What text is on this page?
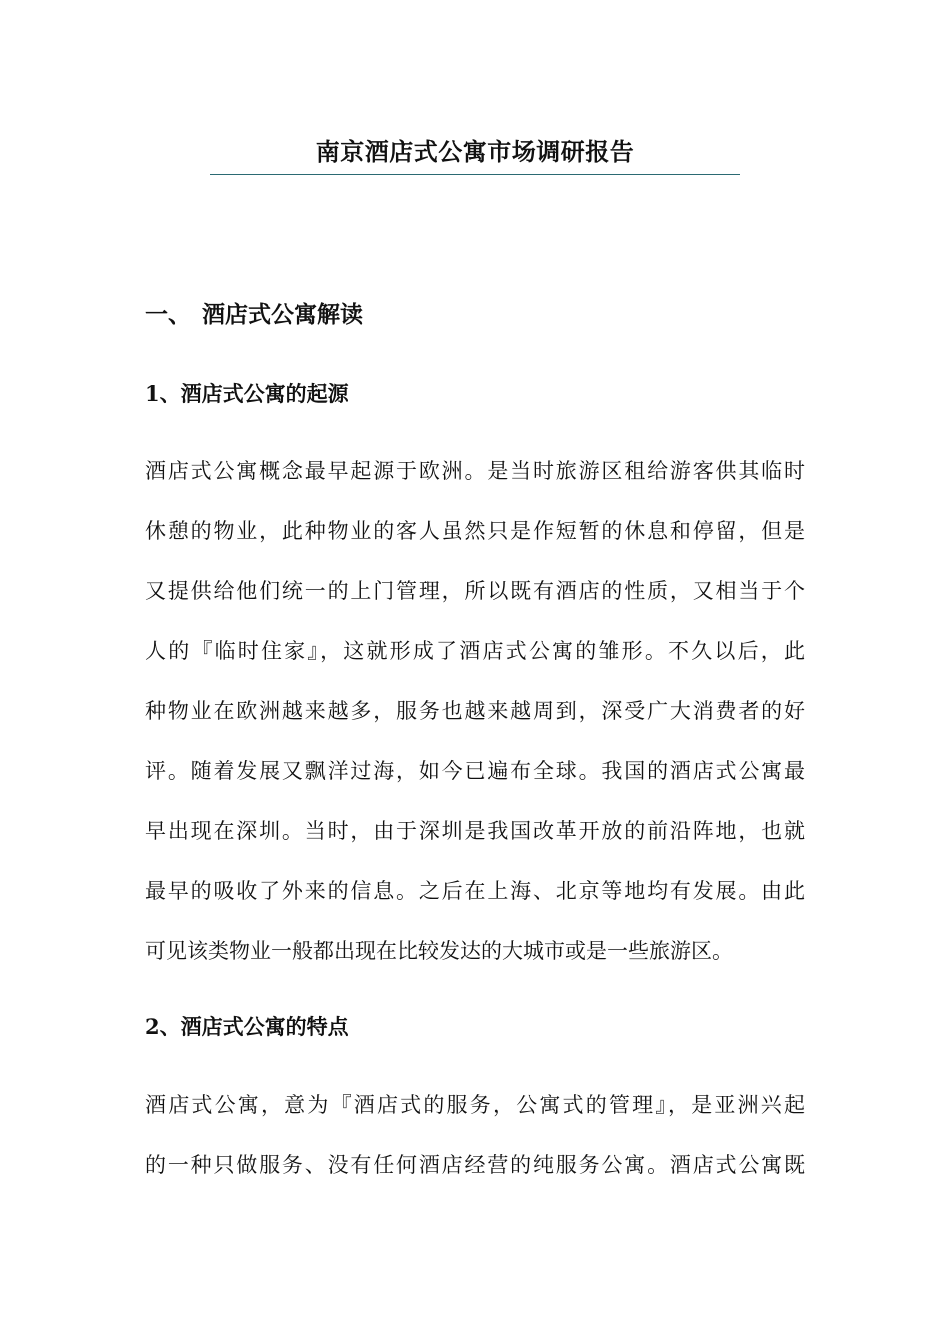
南京酒店式公寓市场调研报告
一、 酒店式公寓解读
1、酒店式公寓的起源
酒店式公寓概念最早起源于欧洲。是当时旅游区租给游客供其临时
休憩的物业，此种物业的客人虽然只是作短暂的休息和停留，但是
又提供给他们统一的上门管理，所以既有酒店的性质，又相当于个
人的『临时住家』，这就形成了酒店式公寓的雏形。不久以后，此
种物业在欧洲越来越多，服务也越来越周到，深受广大消费者的好
评。随着发展又飘洋过海，如今已遍布全球。我国的酒店式公寓最
早出现在深圳。当时，由于深圳是我国改革开放的前沿阵地，也就
最早的吸收了外来的信息。之后在上海、北京等地均有发展。由此
可见该类物业一般都出现在比较发达的大城市或是一些旅游区。
2、酒店式公寓的特点
酒店式公寓，意为『酒店式的服务，公寓式的管理』，是亚洲兴起
的一种只做服务、没有任何酒店经营的纯服务公寓。酒店式公寓既
